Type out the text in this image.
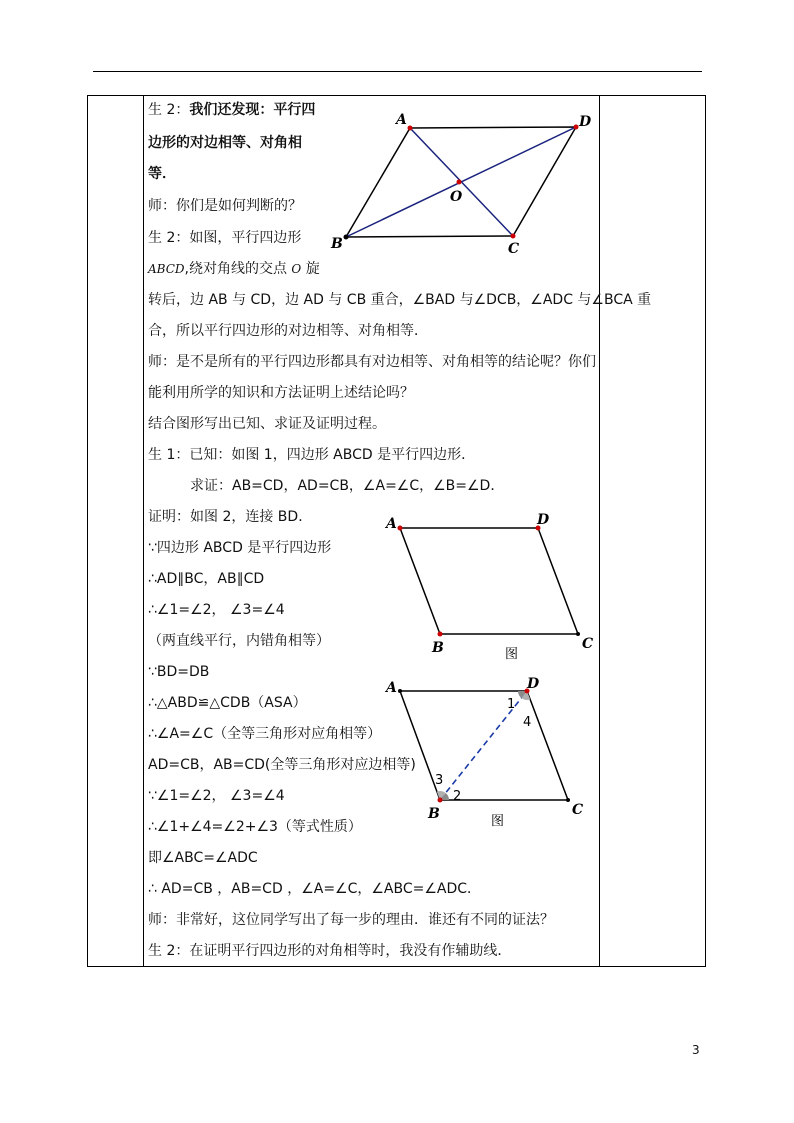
生 2：我们还发现：平行四
边形的对边相等、对角相
等．
师：你们是如何判断的？
生 2：如图，平行四边形
ABCD,绕对角线的交点 O 旋
转后，边 AB 与 CD，边 AD 与 CB 重合，∠BAD 与∠DCB，∠ADC 与∠BCA 重
合，所以平行四边形的对边相等、对角相等．
师：是不是所有的平行四边形都具有对边相等、对角相等的结论呢？你们
能利用所学的知识和方法证明上述结论吗？
结合图形写出已知、求证及证明过程。
生 1：已知：如图 1，四边形 ABCD 是平行四边形．
求证：AB=CD，AD=CB，∠A=∠C，∠B=∠D．
证明：如图 2，连接 BD．
∵四边形 ABCD 是平行四边形
∴AD∥BC，AB∥CD
∴∠1=∠2， ∠3=∠4
（两直线平行，内错角相等）
∵BD=DB
∴△ABD≌△CDB（ASA）
∴∠A=∠C（全等三角形对应角相等）
AD=CB，AB=CD(全等三角形对应边相等)
∵∠1=∠2， ∠3=∠4
∴∠1+∠4=∠2+∠3（等式性质）
即∠ABC=∠ADC
∴ AD=CB ，AB=CD ，∠A=∠C，∠ABC=∠ADC．
师：非常好，这位同学写出了每一步的理由．谁还有不同的证法？
生 2：在证明平行四边形的对角相等时，我没有作辅助线．
A	D
C
B
O
A	D
B	C
图
A	D
B	C
图
1
4
2
3
3
